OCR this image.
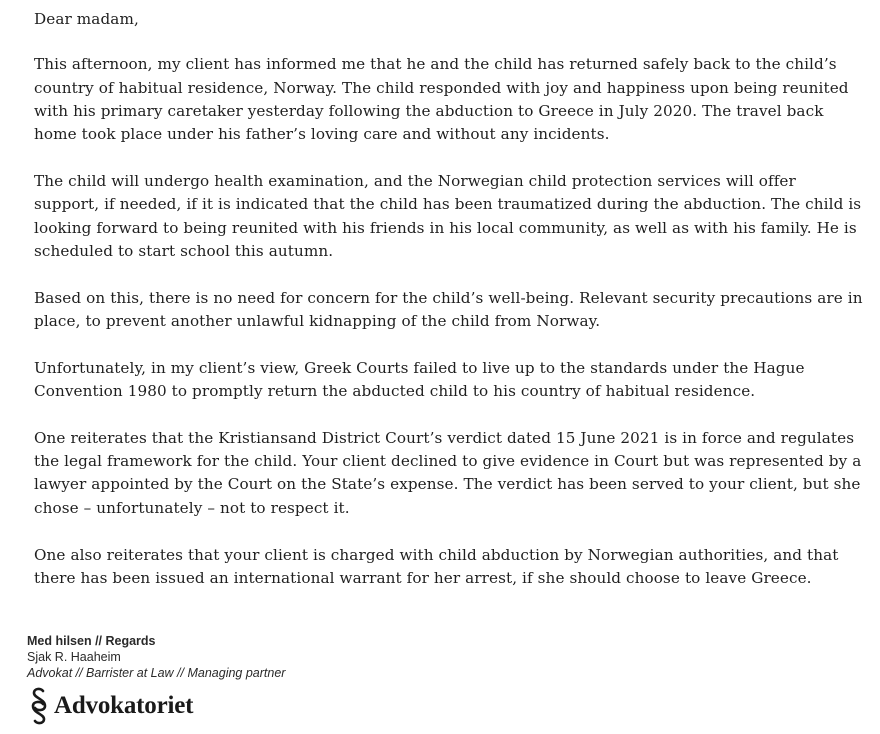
Dear madam,

This afternoon, my client has informed me that he and the child has returned safely back to the child’s country of habitual residence, Norway. The child responded with joy and happiness upon being reunited with his primary caretaker yesterday following the abduction to Greece in July 2020. The travel back home took place under his father’s loving care and without any incidents.

The child will undergo health examination, and the Norwegian child protection services will offer support, if needed, if it is indicated that the child has been traumatized during the abduction. The child is looking forward to being reunited with his friends in his local community, as well as with his family. He is scheduled to start school this autumn.

Based on this, there is no need for concern for the child’s well-being. Relevant security precautions are in place, to prevent another unlawful kidnapping of the child from Norway.

Unfortunately, in my client’s view, Greek Courts failed to live up to the standards under the Hague Convention 1980 to promptly return the abducted child to his country of habitual residence.

One reiterates that the Kristiansand District Court’s verdict dated 15 June 2021 is in force and regulates the legal framework for the child. Your client declined to give evidence in Court but was represented by a lawyer appointed by the Court on the State’s expense. The verdict has been served to your client, but she chose – unfortunately – not to respect it.

One also reiterates that your client is charged with child abduction by Norwegian authorities, and that there has been issued an international warrant for her arrest, if she should choose to leave Greece.

Med hilsen // Regards
Sjak R. Haaheim
Advokat // Barrister at Law // Managing partner
Advokatoriet
